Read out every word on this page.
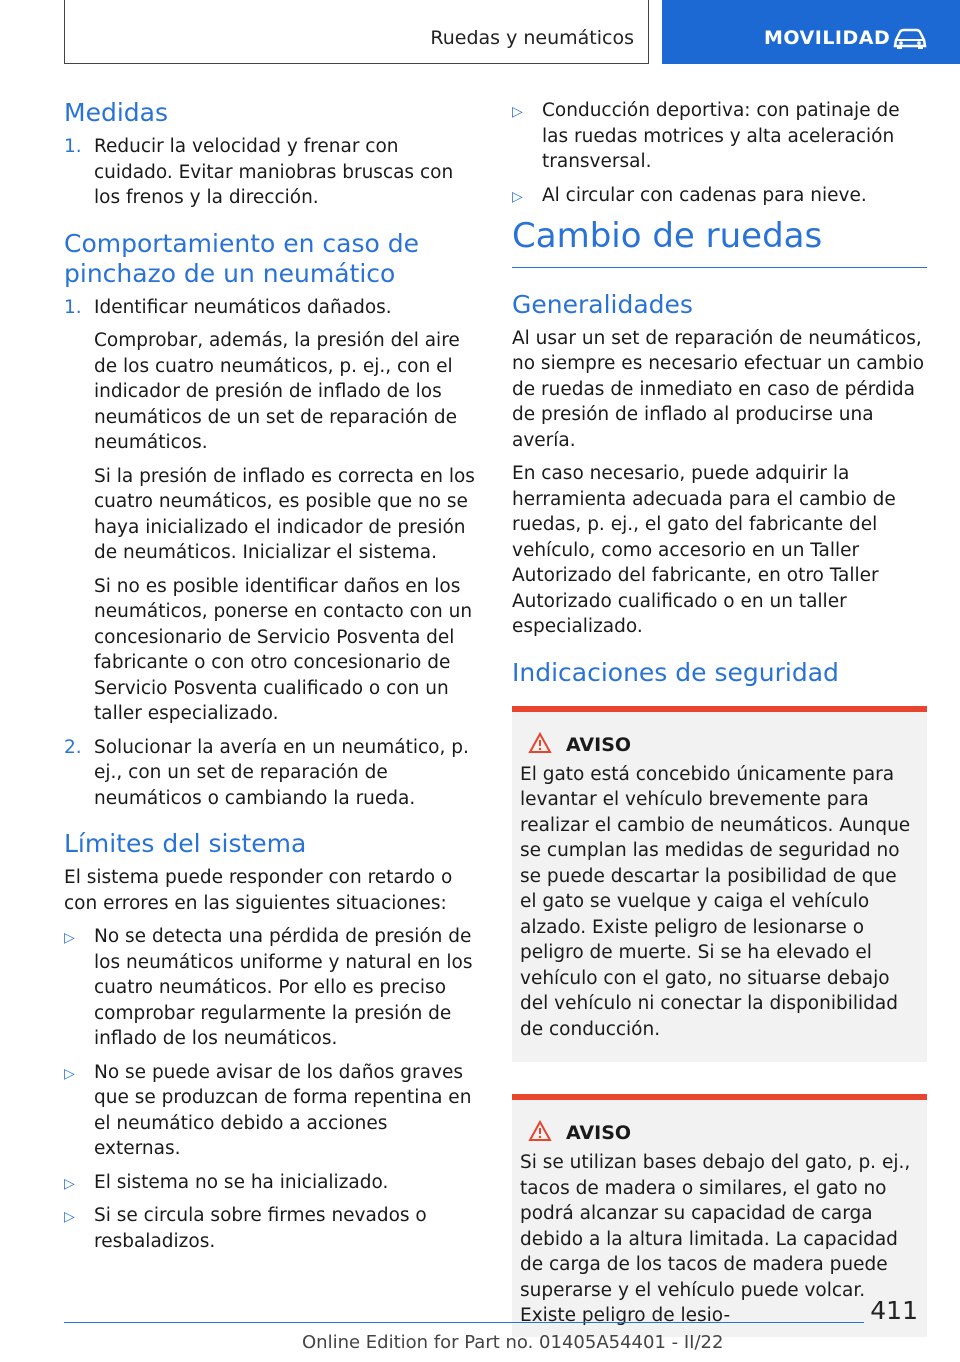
Ruedas y neumáticos	MOVILIDAD
Medidas
1. Reducir la velocidad y frenar con cuidado. Evitar maniobras bruscas con los frenos y la dirección.
Comportamiento en caso de pinchazo de un neumático
1. Identificar neumáticos dañados.

Comprobar, además, la presión del aire de los cuatro neumáticos, p. ej., con el indicador de presión de inflado de los neumáticos de un set de reparación de neumáticos.

Si la presión de inflado es correcta en los cuatro neumáticos, es posible que no se haya inicializado el indicador de presión de neumáticos. Inicializar el sistema.

Si no es posible identificar daños en los neumáticos, ponerse en contacto con un concesionario de Servicio Posventa del fabricante o con otro concesionario de Servicio Posventa cualificado o con un taller especializado.

2. Solucionar la avería en un neumático, p. ej., con un set de reparación de neumáticos o cambiando la rueda.
Límites del sistema

El sistema puede responder con retardo o con errores en las siguientes situaciones:

▷ No se detecta una pérdida de presión de los neumáticos uniforme y natural en los cuatro neumáticos. Por ello es preciso comprobar regularmente la presión de inflado de los neumáticos.
▷ No se puede avisar de los daños graves que se produzcan de forma repentina en el neumático debido a acciones externas.
▷ El sistema no se ha inicializado.
▷ Si se circula sobre firmes nevados o resbaladizos.
▷ Conducción deportiva: con patinaje de las ruedas motrices y alta aceleración transversal.
▷ Al circular con cadenas para nieve.
Cambio de ruedas
Generalidades

Al usar un set de reparación de neumáticos, no siempre es necesario efectuar un cambio de ruedas de inmediato en caso de pérdida de presión de inflado al producirse una avería.

En caso necesario, puede adquirir la herramienta adecuada para el cambio de ruedas, p. ej., el gato del fabricante del vehículo, como accesorio en un Taller Autorizado del fabricante, en otro Taller Autorizado cualificado o en un taller especializado.

Indicaciones de seguridad
AVISO

El gato está concebido únicamente para levantar el vehículo brevemente para realizar el cambio de neumáticos. Aunque se cumplan las medidas de seguridad no se puede descartar la posibilidad de que el gato se vuelque y caiga el vehículo alzado. Existe peligro de lesionarse o peligro de muerte. Si se ha elevado el vehículo con el gato, no situarse debajo del vehículo ni conectar la disponibilidad de conducción.

AVISO

Si se utilizan bases debajo del gato, p. ej., tacos de madera o similares, el gato no podrá alcanzar su capacidad de carga debido a la altura limitada. La capacidad de carga de los tacos de madera puede superarse y el vehículo puede volcar. Existe peligro de lesio-	411
Online Edition for Part no. 01405A54401 - II/22
